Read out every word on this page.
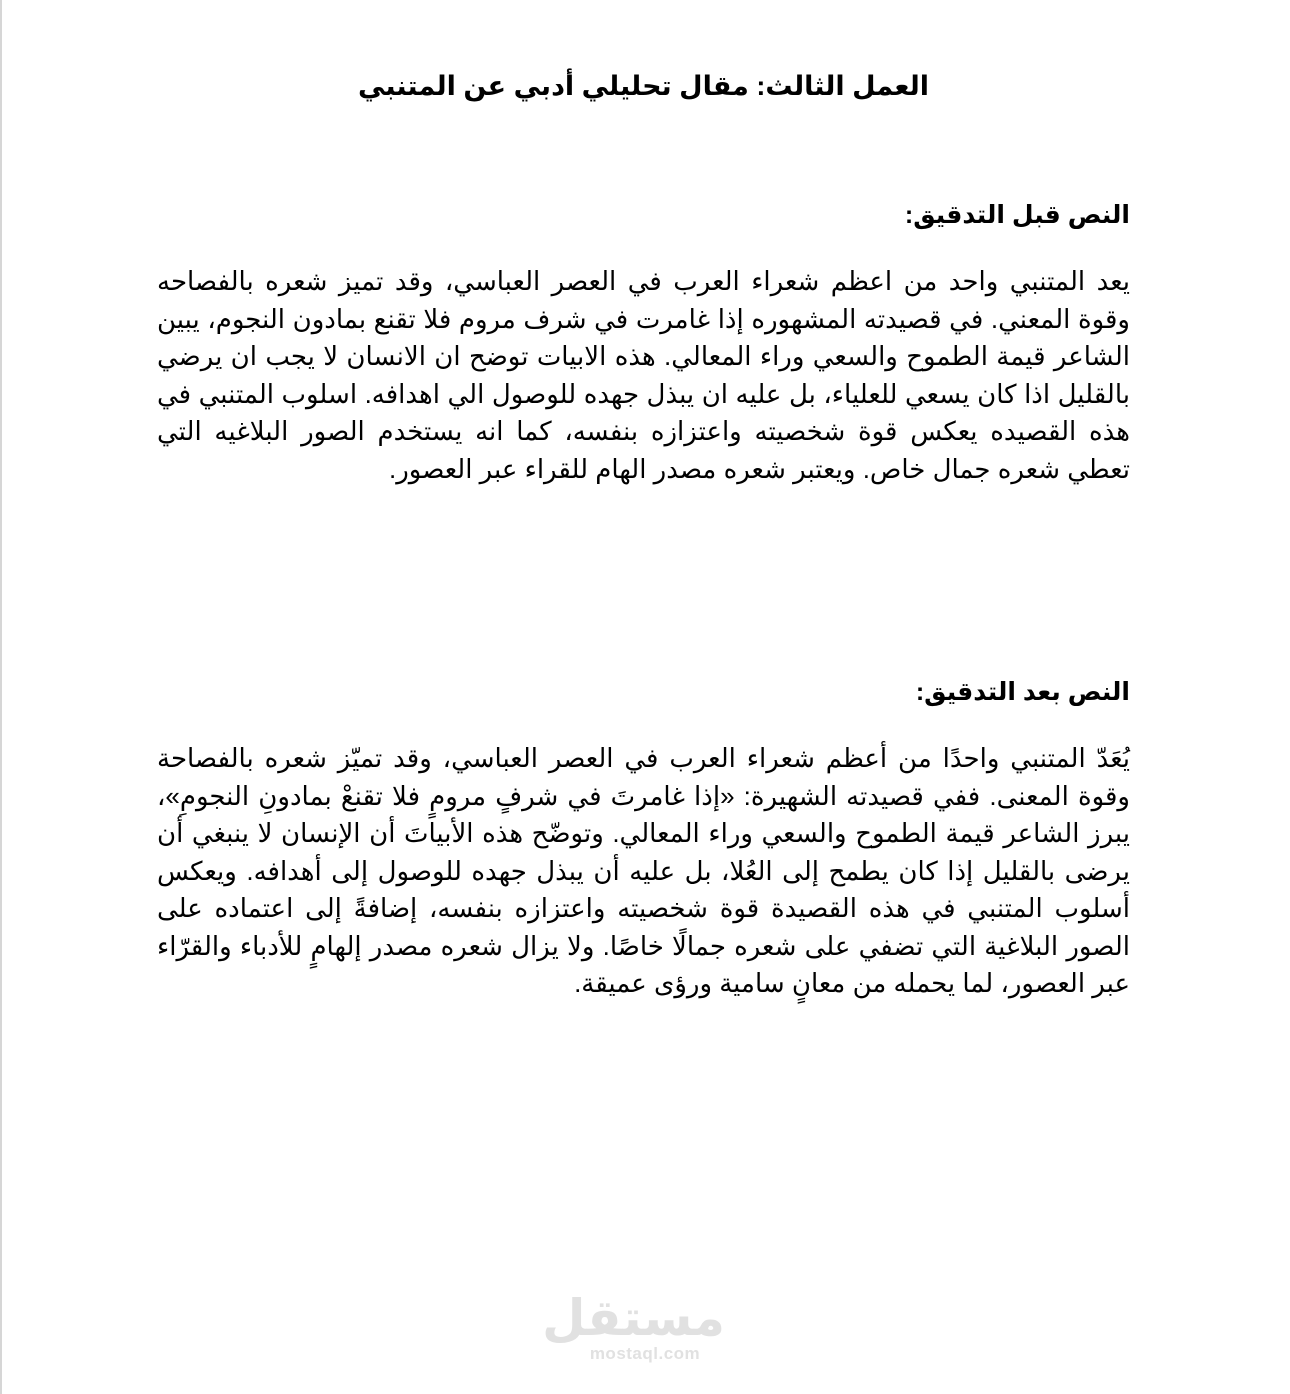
العمل الثالث: مقال تحليلي أدبي عن المتنبي
النص قبل التدقيق:

يعد المتنبي واحد من اعظم شعراء العرب في العصر العباسي، وقد تميز شعره بالفصاحه وقوة المعني. في قصيدته المشهوره إذا غامرت في شرف مروم فلا تقنع بمادون النجوم، يبين الشاعر قيمة الطموح والسعي وراء المعالي. هذه الابيات توضح ان الانسان لا يجب ان يرضي بالقليل اذا كان يسعي للعلياء، بل عليه ان يبذل جهده للوصول الي اهدافه. اسلوب المتنبي في هذه القصيده يعكس قوة شخصيته واعتزازه بنفسه، كما انه يستخدم الصور البلاغيه التي تعطي شعره جمال خاص. ويعتبر شعره مصدر الهام للقراء عبر العصور.

النص بعد التدقيق:

يُعَدّ المتنبي واحدًا من أعظم شعراء العرب في العصر العباسي، وقد تميّز شعره بالفصاحة وقوة المعنى. ففي قصيدته الشهيرة: «إذا غامرتَ في شرفٍ مرومٍ فلا تقنعْ بمادونِ النجومِ»، يبرز الشاعر قيمة الطموح والسعي وراء المعالي. وتوضّح هذه الأبياتَ أن الإنسان لا ينبغي أن يرضى بالقليل إذا كان يطمح إلى العُلا، بل عليه أن يبذل جهده للوصول إلى أهدافه. ويعكس أسلوب المتنبي في هذه القصيدة قوة شخصيته واعتزازه بنفسه، إضافةً إلى اعتماده على الصور البلاغية التي تضفي على شعره جمالًا خاصًا. ولا يزال شعره مصدر إلهامٍ للأدباء والقرّاء عبر العصور، لما يحمله من معانٍ سامية ورؤى عميقة.

مستقل
mostaql.com
